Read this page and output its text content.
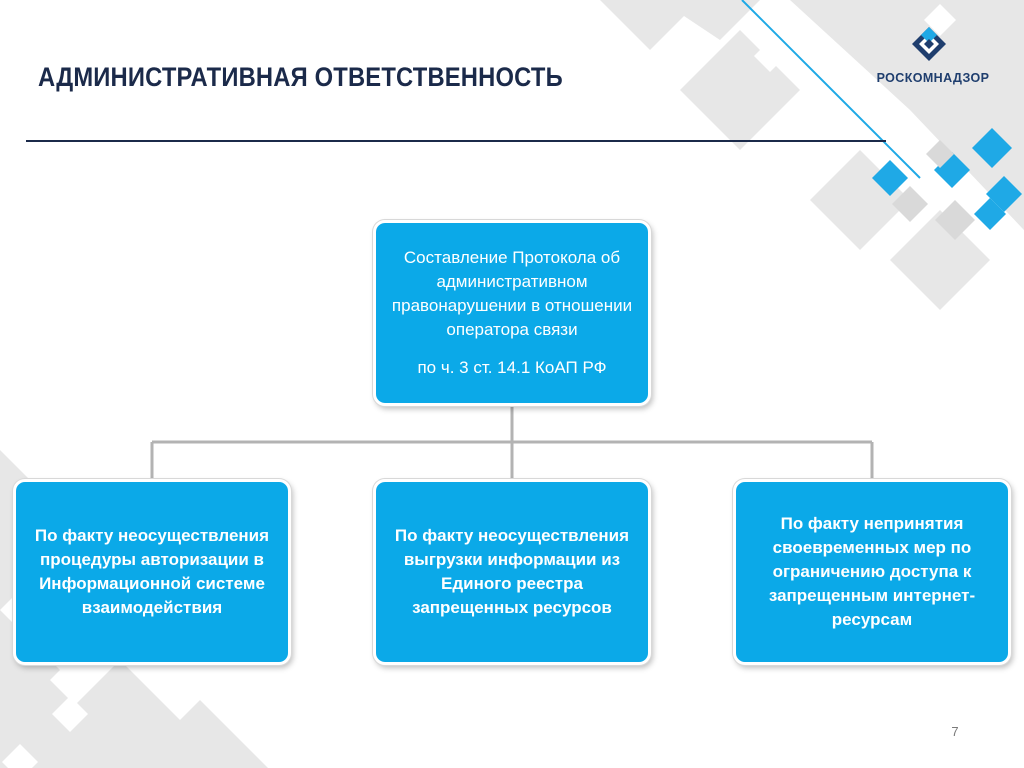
АДМИНИСТРАТИВНАЯ ОТВЕТСТВЕННОСТЬ	РОСКОМНАДЗОР
Составление Протокола об административном правонарушении в отношении оператора связи
по ч. 3 ст. 14.1 КоАП РФ
По факту неосуществления процедуры авторизации в Информационной системе взаимодействия
По факту неосуществления выгрузки информации из Единого реестра запрещенных ресурсов
По факту непринятия своевременных мер по ограничению доступа к запрещенным интернет-ресурсам
7
